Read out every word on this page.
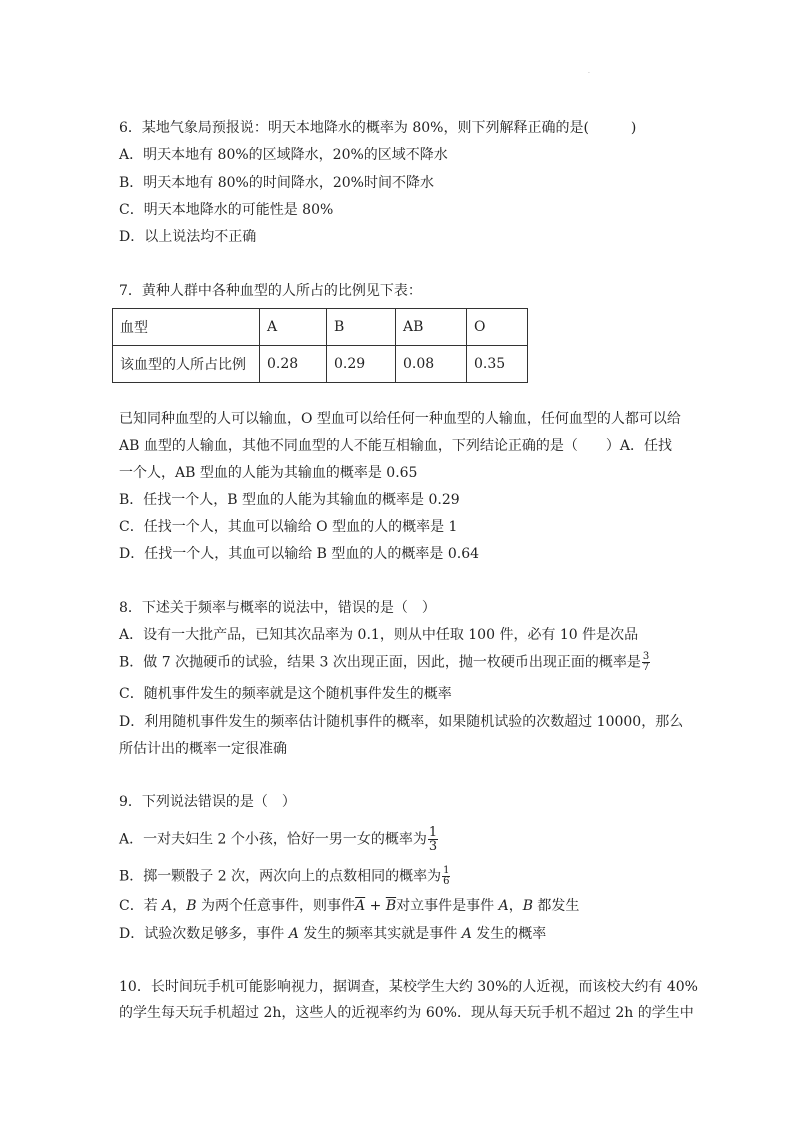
·
6．某地气象局预报说：明天本地降水的概率为 80%，则下列解释正确的是(　　　)
A．明天本地有 80%的区域降水，20%的区域不降水
B．明天本地有 80%的时间降水，20%时间不降水
C．明天本地降水的可能性是 80%
D．以上说法均不正确
7．黄种人群中各种血型的人所占的比例见下表：
血型	A	B	AB	O
该血型的人所占比例	0.28	0.29	0.08	0.35
已知同种血型的人可以输血，O 型血可以给任何一种血型的人输血，任何血型的人都可以给
AB 血型的人输血，其他不同血型的人不能互相输血，下列结论正确的是（　　）A．任找
一个人，AB 型血的人能为其输血的概率是 0.65
B．任找一个人，B 型血的人能为其输血的概率是 0.29
C．任找一个人，其血可以输给 O 型血的人的概率是 1
D．任找一个人，其血可以输给 B 型血的人的概率是 0.64
8．下述关于频率与概率的说法中，错误的是（　）
A．设有一大批产品，已知其次品率为 0.1，则从中任取 100 件，必有 10 件是次品
B．做 7 次抛硬币的试验，结果 3 次出现正面，因此，抛一枚硬币出现正面的概率是 $\frac{3}{7}$
C．随机事件发生的频率就是这个随机事件发生的概率
D．利用随机事件发生的频率估计随机事件的概率，如果随机试验的次数超过 10000，那么
所估计出的概率一定很准确
9．下列说法错误的是（　）
A．一对夫妇生 2 个小孩，恰好一男一女的概率为 $\frac{1}{3}$
B．掷一颗骰子 2 次，两次向上的点数相同的概率为 $\frac{1}{6}$
C．若 A，B 为两个任意事件，则事件$\overline{A} + \overline{B}$对立事件是事件 A，B 都发生
D．试验次数足够多，事件 A 发生的频率其实就是事件 A 发生的概率
10．长时间玩手机可能影响视力，据调查，某校学生大约 30%的人近视，而该校大约有 40%
的学生每天玩手机超过 2h，这些人的近视率约为 60%．现从每天玩手机不超过 2h 的学生中
